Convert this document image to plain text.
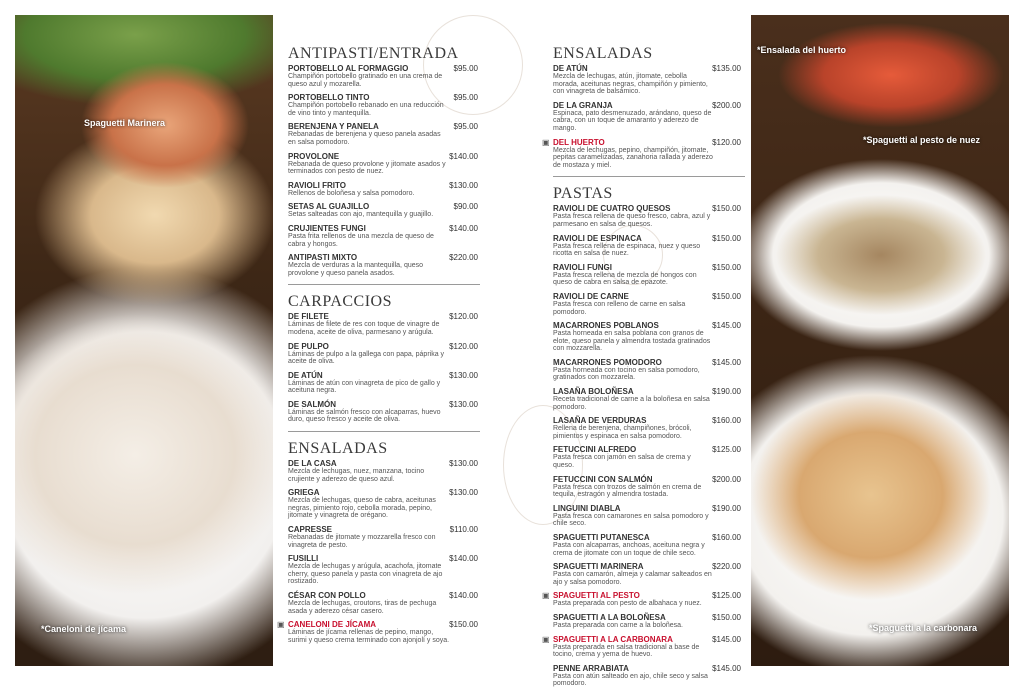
Spaguetti Marinera
*Caneloni de jícama
*Ensalada del huerto
*Spaguetti al pesto de nuez
*Spaguetti a la carbonara
ANTIPASTI/ENTRADA
PORTOBELLO AL FORMAGGIO
Champiñón portobello gratinado en una crema de queso azul y mozarella.
$95.00
PORTOBELLO TINTO
Champiñón portobello rebanado en una reducción de vino tinto y mantequilla.
$95.00
BERENJENA Y PANELA
Rebanadas de berenjena y queso panela asadas en salsa pomodoro.
$95.00
PROVOLONE
Rebanada de queso provolone y jitomate asados y terminados con pesto de nuez.
$140.00
RAVIOLI FRITO
Rellenos de boloñesa y salsa pomodoro.
$130.00
SETAS AL GUAJILLO
Setas salteadas con ajo, mantequilla y guajillo.
$90.00
CRUJIENTES FUNGI
Pasta frita rellenos de una mezcla de queso de cabra y hongos.
$140.00
ANTIPASTI MIXTO
Mezcla de verduras a la mantequilla, queso provolone y queso panela asados.
$220.00
CARPACCIOS
DE FILETE
Láminas de filete de res con toque de vinagre de modena, aceite de oliva, parmesano y arúgula.
$120.00
DE PULPO
Láminas de pulpo a la gallega con papa, páprika y aceite de oliva.
$120.00
DE ATÚN
Láminas de atún con vinagreta de pico de gallo y aceituna negra.
$130.00
DE SALMÓN
Láminas de salmón fresco con alcaparras, huevo duro, queso fresco y aceite de oliva.
$130.00
ENSALADAS
DE LA CASA
Mezcla de lechugas, nuez, manzana, tocino crujiente y aderezo de queso azul.
$130.00
GRIEGA
Mezcla de lechugas, queso de cabra, aceitunas negras, pimiento rojo, cebolla morada, pepino, jitomate y vinagreta de orégano.
$130.00
CAPRESSE
Rebanadas de jitomate y mozzarella fresco con vinagreta de pesto.
$110.00
FUSILLI
Mezcla de lechugas y arúgula, acachofa, jitomate cherry, queso panela y pasta con vinagreta de ajo rostizado.
$140.00
CÉSAR CON POLLO
Mezcla de lechugas, croutons, tiras de pechuga asada y aderezo césar casero.
$140.00
▣ CANELONI DE JÍCAMA
Láminas de jícama rellenas de pepino, mango, surimi y queso crema terminado con ajonjolí y soya.
$150.00
ENSALADAS
DE ATÚN
Mezcla de lechugas, atún, jitomate, cebolla morada, aceitunas negras, champiñón y pimiento, con vinagreta de balsámico.
$135.00
DE LA GRANJA
Espinaca, pato desmenuzado, arándano, queso de cabra, con un toque de amaranto y aderezo de mango.
$200.00
▣ DEL HUERTO
Mezcla de lechugas, pepino, champiñón, jitomate, pepitas caramelizadas, zanahoria rallada y aderezo de mostaza y miel.
$120.00
PASTAS
RAVIOLI DE CUATRO QUESOS
Pasta fresca rellena de queso fresco, cabra, azul y parmesano en salsa de quesos.
$150.00
RAVIOLI DE ESPINACA
Pasta fresca rellena de espinaca, nuez y queso ricotta en salsa de nuez.
$150.00
RAVIOLI FUNGI
Pasta fresca rellena de mezcla de hongos con queso de cabra en salsa de epazote.
$150.00
RAVIOLI DE CARNE
Pasta fresca con relleno de carne en salsa pomodoro.
$150.00
MACARRONES POBLANOS
Pasta horneada en salsa poblana con granos de elote, queso panela y almendra tostada gratinados con mozzarella.
$145.00
MACARRONES POMODORO
Pasta horneada con tocino en salsa pomodoro, gratinados con mozzarela.
$145.00
LASAÑA BOLOÑESA
Receta tradicional de carne a la boloñesa en salsa pomodoro.
$190.00
LASAÑA DE VERDURAS
Rellena de berenjena, champiñones, brócoli, pimientos y espinaca en salsa pomodoro.
$160.00
FETUCCINI ALFREDO
Pasta fresca con jamón en salsa de crema y queso.
$125.00
FETUCCINI CON SALMÓN
Pasta fresca con trozos de salmón en crema de tequila, estragón y almendra tostada.
$200.00
LINGUINI DIABLA
Pasta fresca con camarones en salsa pomodoro y chile seco.
$190.00
SPAGUETTI PUTANESCA
Pasta con alcaparras, anchoas, aceituna negra y crema de jitomate con un toque de chile seco.
$160.00
SPAGUETTI MARINERA
Pasta con camarón, almeja y calamar salteados en ajo y salsa pomodoro.
$220.00
▣ SPAGUETTI AL PESTO
Pasta preparada con pesto de albahaca y nuez.
$125.00
SPAGUETTI A LA BOLOÑESA
Pasta preparada con carne a la boloñesa.
$150.00
▣ SPAGUETTI A LA CARBONARA
Pasta preparada en salsa tradicional a base de tocino, crema y yema de huevo.
$145.00
PENNE ARRABIATA
Pasta con atún salteado en ajo, chile seco y salsa pomodoro.
$145.00
